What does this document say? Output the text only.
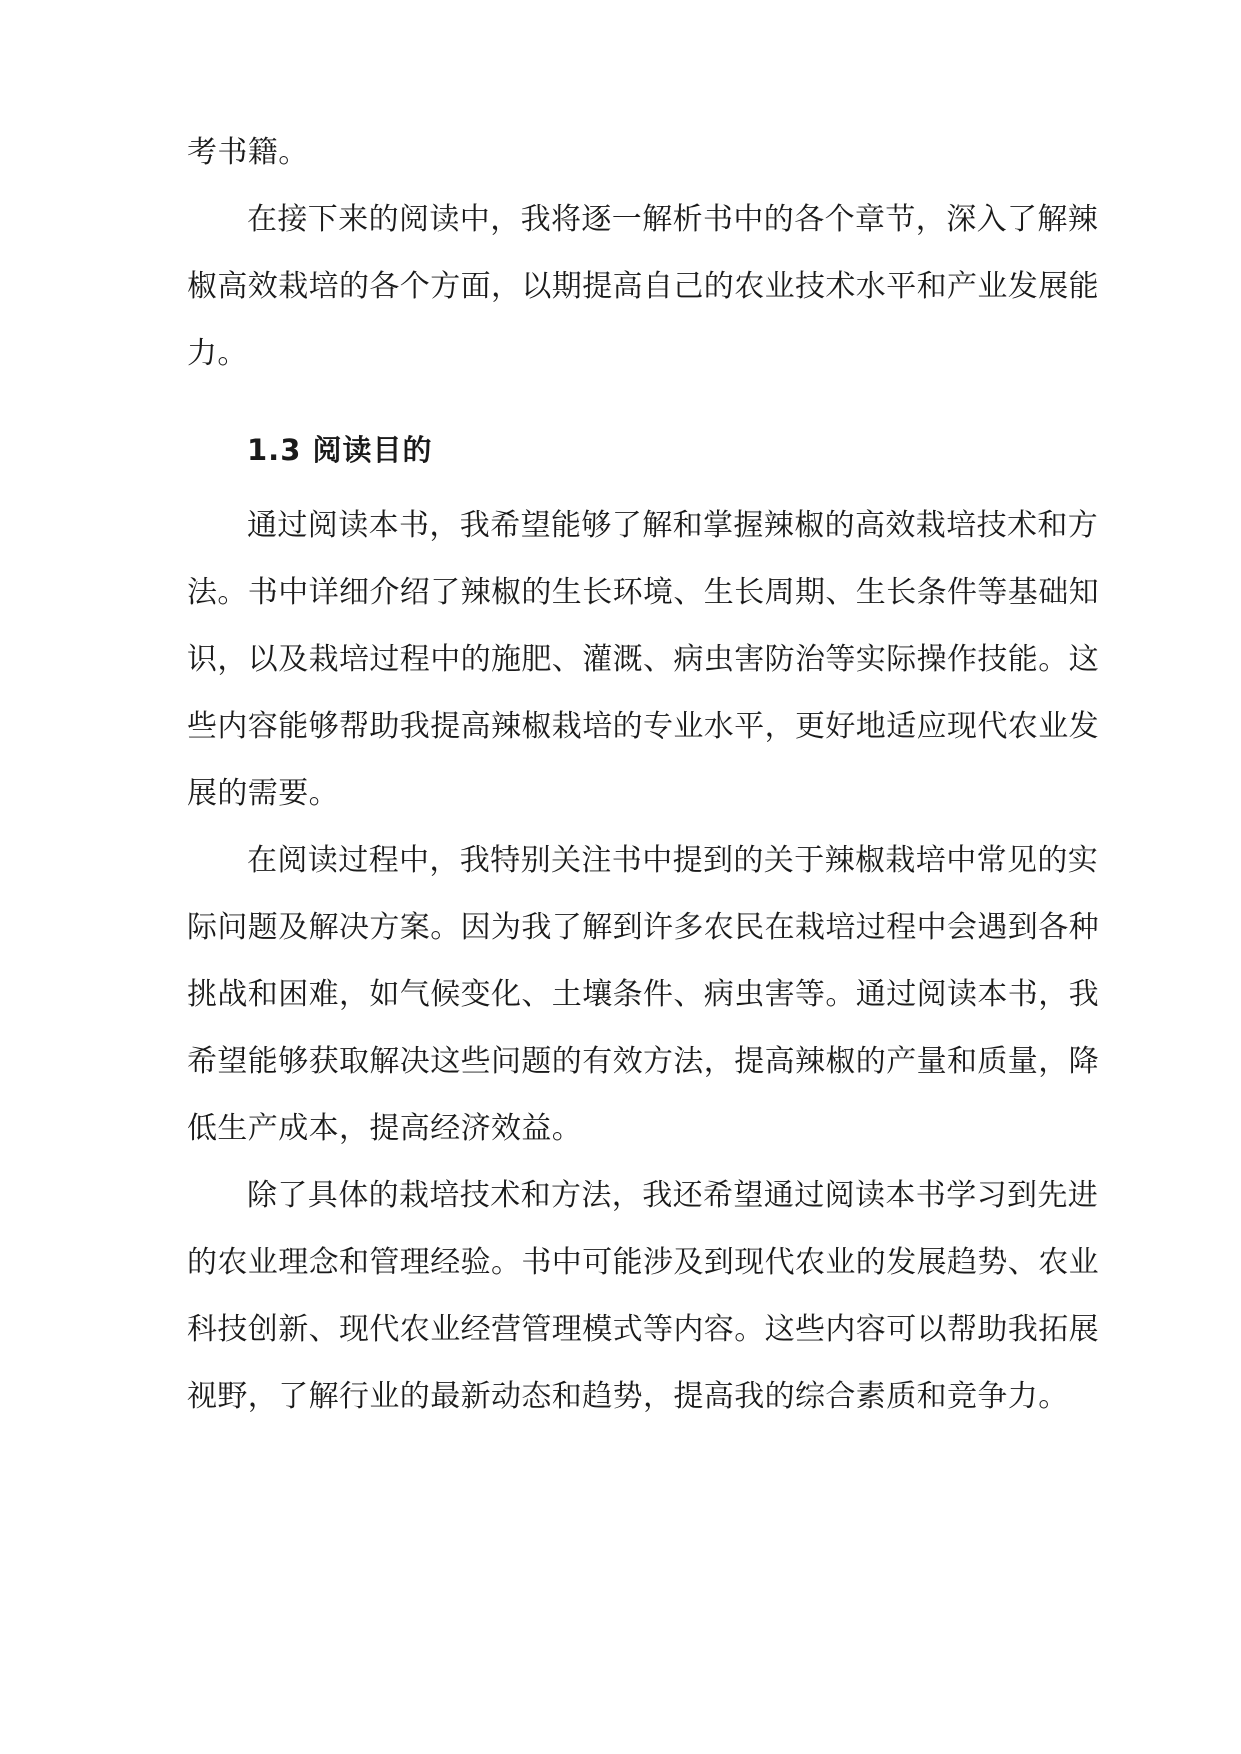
考书籍。
在接下来的阅读中，我将逐一解析书中的各个章节，深入了解辣
椒高效栽培的各个方面，以期提高自己的农业技术水平和产业发展能
力。
1.3 阅读目的
通过阅读本书，我希望能够了解和掌握辣椒的高效栽培技术和方
法。书中详细介绍了辣椒的生长环境、生长周期、生长条件等基础知
识，以及栽培过程中的施肥、灌溉、病虫害防治等实际操作技能。这
些内容能够帮助我提高辣椒栽培的专业水平，更好地适应现代农业发
展的需要。
在阅读过程中，我特别关注书中提到的关于辣椒栽培中常见的实
际问题及解决方案。因为我了解到许多农民在栽培过程中会遇到各种
挑战和困难，如气候变化、土壤条件、病虫害等。通过阅读本书，我
希望能够获取解决这些问题的有效方法，提高辣椒的产量和质量，降
低生产成本，提高经济效益。
除了具体的栽培技术和方法，我还希望通过阅读本书学习到先进
的农业理念和管理经验。书中可能涉及到现代农业的发展趋势、农业
科技创新、现代农业经营管理模式等内容。这些内容可以帮助我拓展
视野，了解行业的最新动态和趋势，提高我的综合素质和竞争力。
